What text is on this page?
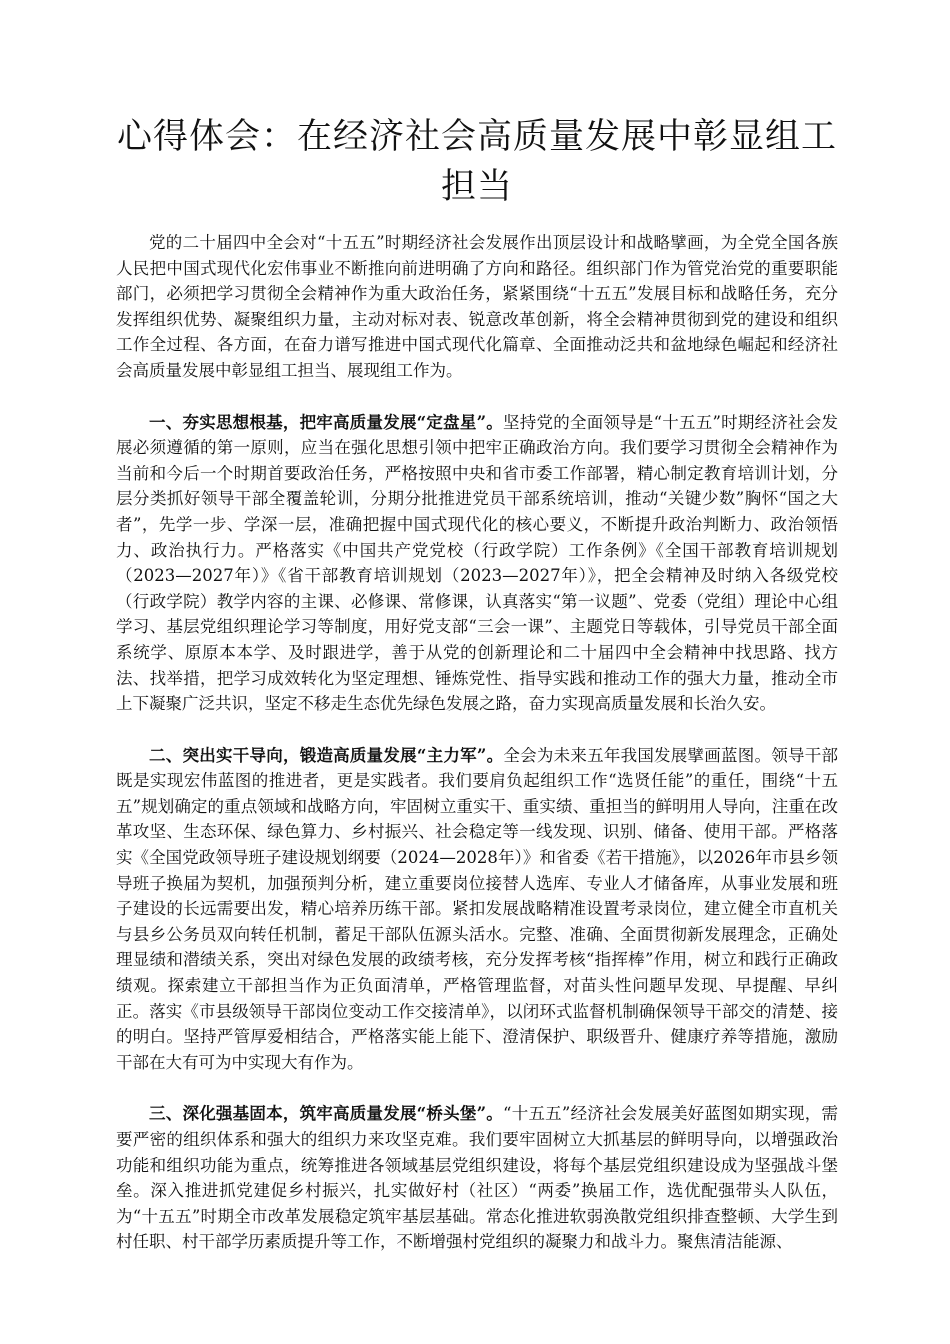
心得体会：在经济社会高质量发展中彰显组工担当

党的二十届四中全会对“十五五”时期经济社会发展作出顶层设计和战略擘画，为全党全国各族人民把中国式现代化宏伟事业不断推向前进明确了方向和路径。组织部门作为管党治党的重要职能部门，必须把学习贯彻全会精神作为重大政治任务，紧紧围绕“十五五”发展目标和战略任务，充分发挥组织优势、凝聚组织力量，主动对标对表、锐意改革创新，将全会精神贯彻到党的建设和组织工作全过程、各方面，在奋力谱写推进中国式现代化篇章、全面推动泛共和盆地绿色崛起和经济社会高质量发展中彰显组工担当、展现组工作为。

一、夯实思想根基，把牢高质量发展“定盘星”。坚持党的全面领导是“十五五”时期经济社会发展必须遵循的第一原则，应当在强化思想引领中把牢正确政治方向。我们要学习贯彻全会精神作为当前和今后一个时期首要政治任务，严格按照中央和省市委工作部署，精心制定教育培训计划，分层分类抓好领导干部全覆盖轮训，分期分批推进党员干部系统培训，推动“关键少数”胸怀“国之大者”，先学一步、学深一层，准确把握中国式现代化的核心要义，不断提升政治判断力、政治领悟力、政治执行力。严格落实《中国共产党党校（行政学院）工作条例》《全国干部教育培训规划（2023—2027年）》《省干部教育培训规划（2023—2027年）》，把全会精神及时纳入各级党校（行政学院）教学内容的主课、必修课、常修课，认真落实“第一议题”、党委（党组）理论中心组学习、基层党组织理论学习等制度，用好党支部“三会一课”、主题党日等载体，引导党员干部全面系统学、原原本本学、及时跟进学，善于从党的创新理论和二十届四中全会精神中找思路、找方法、找举措，把学习成效转化为坚定理想、锤炼党性、指导实践和推动工作的强大力量，推动全市上下凝聚广泛共识，坚定不移走生态优先绿色发展之路，奋力实现高质量发展和长治久安。

二、突出实干导向，锻造高质量发展“主力军”。全会为未来五年我国发展擘画蓝图。领导干部既是实现宏伟蓝图的推进者，更是实践者。我们要肩负起组织工作“选贤任能”的重任，围绕“十五五”规划确定的重点领域和战略方向，牢固树立重实干、重实绩、重担当的鲜明用人导向，注重在改革攻坚、生态环保、绿色算力、乡村振兴、社会稳定等一线发现、识别、储备、使用干部。严格落实《全国党政领导班子建设规划纲要（2024—2028年）》和省委《若干措施》，以2026年市县乡领导班子换届为契机，加强预判分析，建立重要岗位接替人选库、专业人才储备库，从事业发展和班子建设的长远需要出发，精心培养历练干部。紧扣发展战略精准设置考录岗位，建立健全市直机关与县乡公务员双向转任机制，蓄足干部队伍源头活水。完整、准确、全面贯彻新发展理念，正确处理显绩和潜绩关系，突出对绿色发展的政绩考核，充分发挥考核“指挥棒”作用，树立和践行正确政绩观。探索建立干部担当作为正负面清单，严格管理监督，对苗头性问题早发现、早提醒、早纠正。落实《市县级领导干部岗位变动工作交接清单》，以闭环式监督机制确保领导干部交的清楚、接的明白。坚持严管厚爱相结合，严格落实能上能下、澄清保护、职级晋升、健康疗养等措施，激励干部在大有可为中实现大有作为。

三、深化强基固本，筑牢高质量发展“桥头堡”。“十五五”经济社会发展美好蓝图如期实现，需要严密的组织体系和强大的组织力来攻坚克难。我们要牢固树立大抓基层的鲜明导向，以增强政治功能和组织功能为重点，统筹推进各领域基层党组织建设，将每个基层党组织建设成为坚强战斗堡垒。深入推进抓党建促乡村振兴，扎实做好村（社区）“两委”换届工作，选优配强带头人队伍，为“十五五”时期全市改革发展稳定筑牢基层基础。常态化推进软弱涣散党组织排查整顿、大学生到村任职、村干部学历素质提升等工作，不断增强村党组织的凝聚力和战斗力。聚焦清洁能源、
